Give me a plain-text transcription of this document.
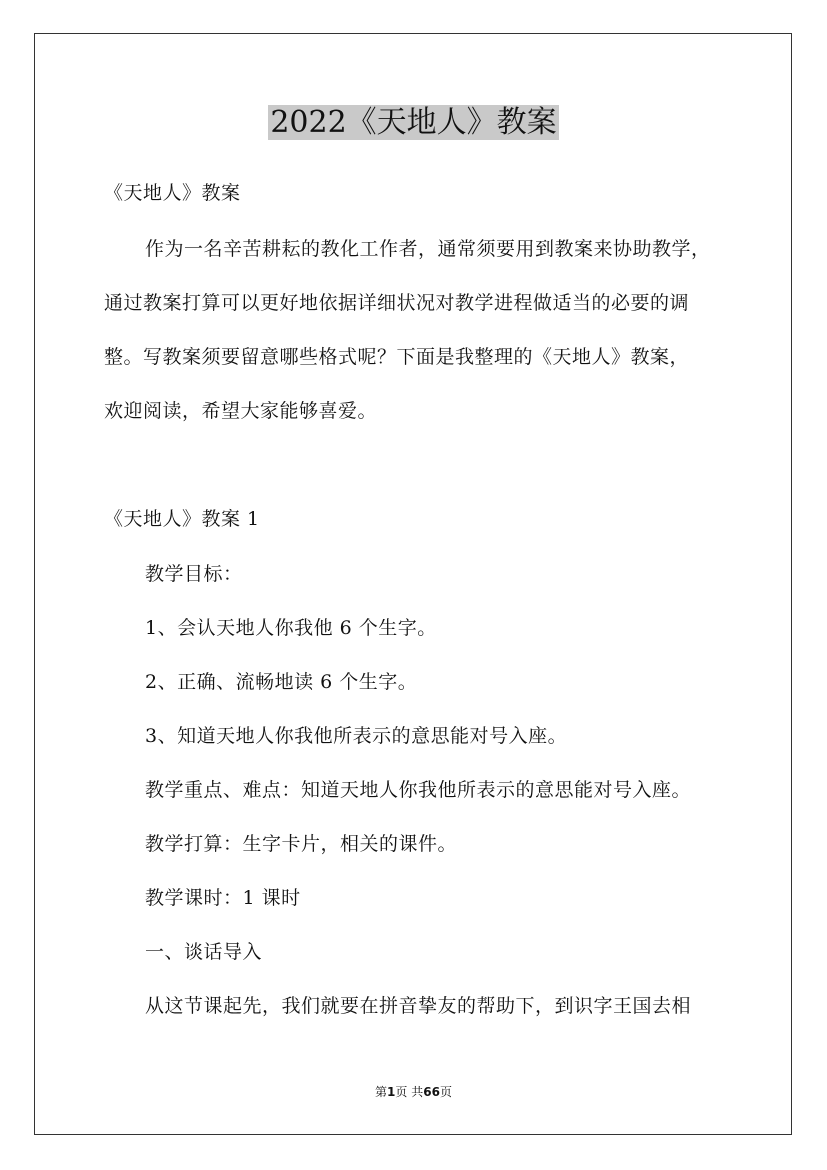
2022《天地人》教案
《天地人》教案
作为一名辛苦耕耘的教化工作者，通常须要用到教案来协助教学，
通过教案打算可以更好地依据详细状况对教学进程做适当的必要的调
整。写教案须要留意哪些格式呢？下面是我整理的《天地人》教案，
欢迎阅读，希望大家能够喜爱。
《天地人》教案 1
教学目标：
1、会认天地人你我他 6 个生字。
2、正确、流畅地读 6 个生字。
3、知道天地人你我他所表示的意思能对号入座。
教学重点、难点：知道天地人你我他所表示的意思能对号入座。
教学打算：生字卡片，相关的课件。
教学课时：1 课时
一、谈话导入
从这节课起先，我们就要在拼音挚友的帮助下，到识字王国去相
第1页 共66页
